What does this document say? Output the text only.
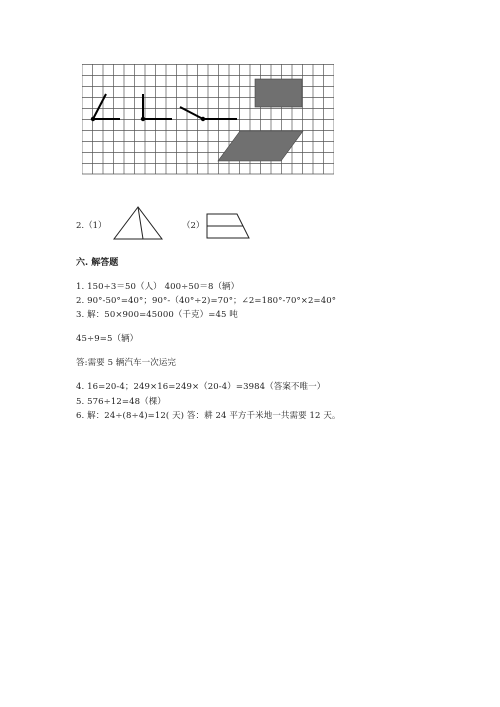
2.（1）	（2）
六. 解答题
1. 150÷3＝50（人） 400÷50＝8（辆）
2. 90°-50°=40°；90°-（40°÷2)=70°；∠2=180°-70°×2=40°
3. 解：50×900=45000（千克）=45 吨
45÷9=5（辆）
答:需要 5 辆汽车一次运完
4. 16=20-4；249×16=249×（20-4）=3984（答案不唯一）
5. 576÷12=48（棵）
6. 解：24÷(8÷4)=12( 天) 答：耕 24 平方千米地一共需要 12 天。
